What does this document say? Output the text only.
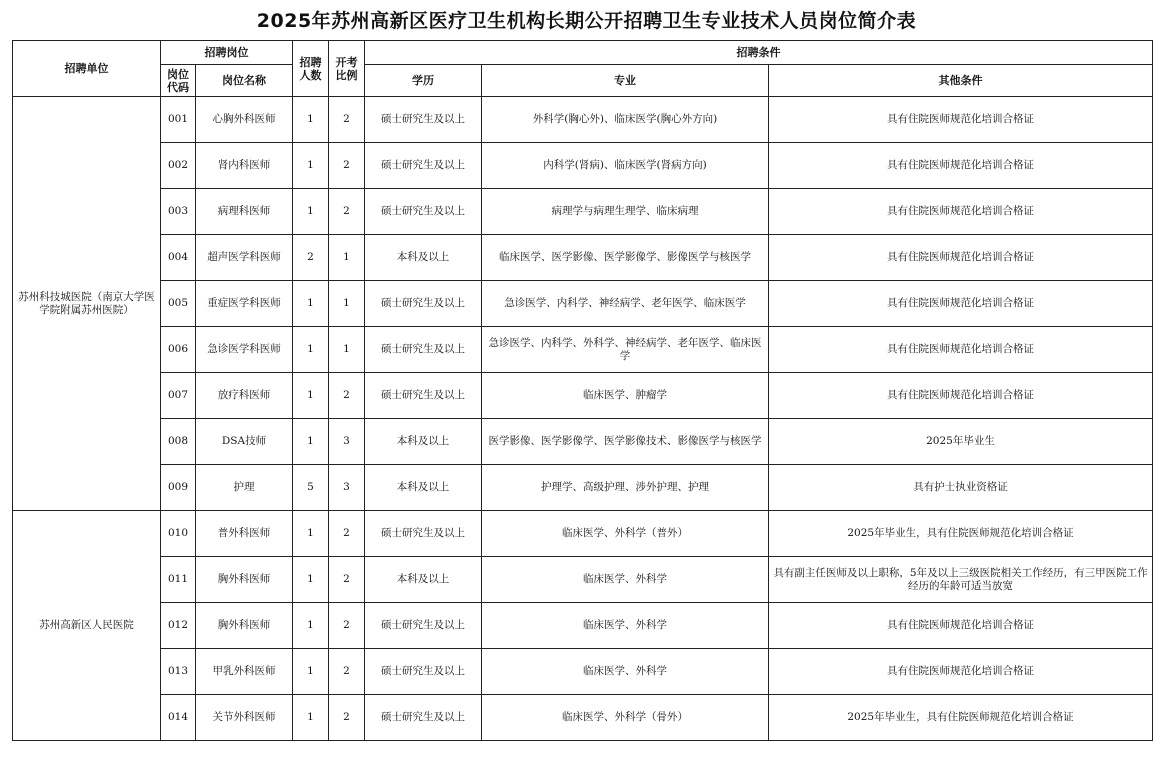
2025年苏州高新区医疗卫生机构长期公开招聘卫生专业技术人员岗位简介表
招聘单位	招聘岗位		招聘人数	开考比例	招聘条件		
	岗位代码	岗位名称			学历	专业	其他条件
苏州科技城医院（南京大学医学院附属苏州医院）	001	心胸外科医师	1	2	硕士研究生及以上	外科学(胸心外)、临床医学(胸心外方向)	具有住院医师规范化培训合格证
	002	肾内科医师	1	2	硕士研究生及以上	内科学(肾病)、临床医学(肾病方向)	具有住院医师规范化培训合格证
	003	病理科医师	1	2	硕士研究生及以上	病理学与病理生理学、临床病理	具有住院医师规范化培训合格证
	004	超声医学科医师	2	1	本科及以上	临床医学、医学影像、医学影像学、影像医学与核医学	具有住院医师规范化培训合格证
	005	重症医学科医师	1	1	硕士研究生及以上	急诊医学、内科学、神经病学、老年医学、临床医学	具有住院医师规范化培训合格证
	006	急诊医学科医师	1	1	硕士研究生及以上	急诊医学、内科学、外科学、神经病学、老年医学、临床医学	具有住院医师规范化培训合格证
	007	放疗科医师	1	2	硕士研究生及以上	临床医学、肿瘤学	具有住院医师规范化培训合格证
	008	DSA技师	1	3	本科及以上	医学影像、医学影像学、医学影像技术、影像医学与核医学	2025年毕业生
	009	护理	5	3	本科及以上	护理学、高级护理、涉外护理、护理	具有护士执业资格证
苏州高新区人民医院	010	普外科医师	1	2	硕士研究生及以上	临床医学、外科学（普外）	2025年毕业生，具有住院医师规范化培训合格证
	011	胸外科医师	1	2	本科及以上	临床医学、外科学	具有副主任医师及以上职称，5年及以上三级医院相关工作经历，有三甲医院工作经历的年龄可适当放宽
	012	胸外科医师	1	2	硕士研究生及以上	临床医学、外科学	具有住院医师规范化培训合格证
	013	甲乳外科医师	1	2	硕士研究生及以上	临床医学、外科学	具有住院医师规范化培训合格证
	014	关节外科医师	1	2	硕士研究生及以上	临床医学、外科学（骨外）	2025年毕业生，具有住院医师规范化培训合格证
